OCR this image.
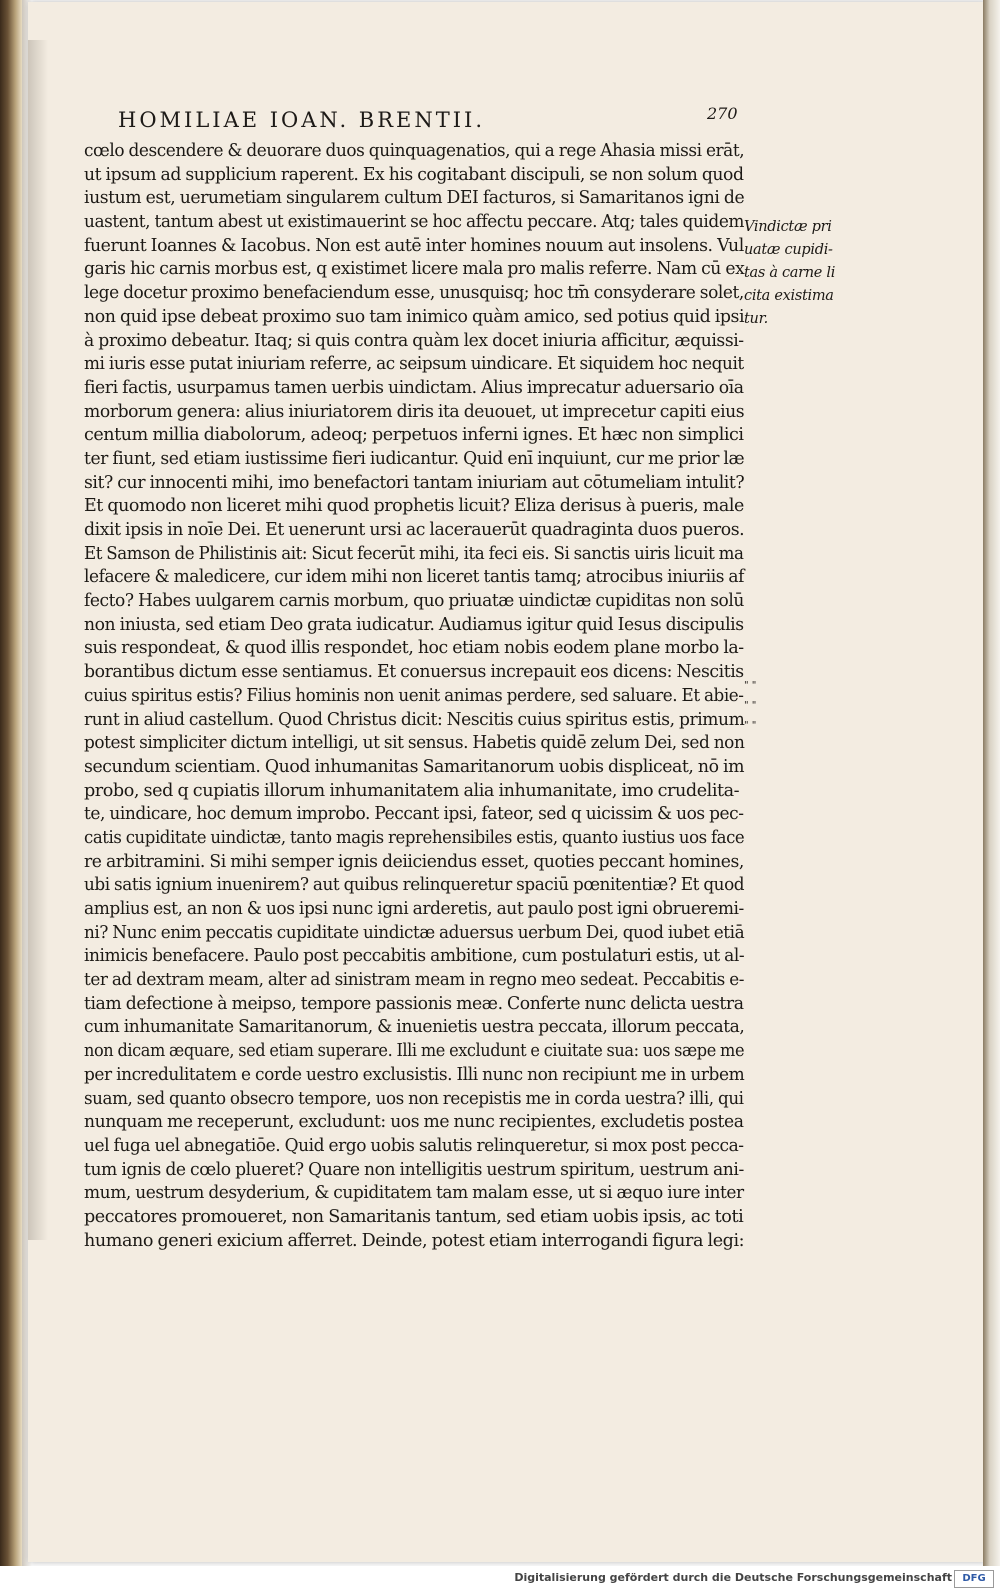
HOMILIAE IOAN. BRENTII.	270
cœlo descendere & deuorare duos quinquagenatios, qui a rege Ahasia missi erāt,
ut ipsum ad supplicium raperent. Ex his cogitabant discipuli, se non solum quod
iustum est, uerumetiam singularem cultum DEI facturos, si Samaritanos igni de
uastent, tantum abest ut existimauerint se hoc affectu peccare. Atq; tales quidem
fuerunt Ioannes & Iacobus. Non est autē inter homines nouum aut insolens. Vul
garis hic carnis morbus est, q existimet licere mala pro malis referre. Nam cū ex
lege docetur proximo benefaciendum esse, unusquisq; hoc tm̄ consyderare solet,
non quid ipse debeat proximo suo tam inimico quàm amico, sed potius quid ipsi
à proximo debeatur. Itaq; si quis contra quàm lex docet iniuria afficitur, æquissi-
mi iuris esse putat iniuriam referre, ac seipsum uindicare. Et siquidem hoc nequit
fieri factis, usurpamus tamen uerbis uindictam. Alius imprecatur aduersario oīa
morborum genera: alius iniuriatorem diris ita deuouet, ut imprecetur capiti eius
centum millia diabolorum, adeoq; perpetuos inferni ignes. Et hæc non simplici
ter fiunt, sed etiam iustissime fieri iudicantur. Quid enī inquiunt, cur me prior læ
sit? cur innocenti mihi, imo benefactori tantam iniuriam aut cōtumeliam intulit?
Et quomodo non liceret mihi quod prophetis licuit? Eliza derisus à pueris, male
dixit ipsis in noīe Dei. Et uenerunt ursi ac lacerauerūt quadraginta duos pueros.
Et Samson de Philistinis ait: Sicut fecerūt mihi, ita feci eis. Si sanctis uiris licuit ma
lefacere & maledicere, cur idem mihi non liceret tantis tamq; atrocibus iniuriis af
fecto? Habes uulgarem carnis morbum, quo priuatæ uindictæ cupiditas non solū
non iniusta, sed etiam Deo grata iudicatur. Audiamus igitur quid Iesus discipulis
suis respondeat, & quod illis respondet, hoc etiam nobis eodem plane morbo la-
borantibus dictum esse sentiamus. Et conuersus increpauit eos dicens: Nescitis
cuius spiritus estis? Filius hominis non uenit animas perdere, sed saluare. Et abie-
runt in aliud castellum. Quod Christus dicit: Nescitis cuius spiritus estis, primum
potest simpliciter dictum intelligi, ut sit sensus. Habetis quidē zelum Dei, sed non
secundum scientiam. Quod inhumanitas Samaritanorum uobis displiceat, nō im
probo, sed q cupiatis illorum inhumanitatem alia inhumanitate, imo crudelita-
te, uindicare, hoc demum improbo. Peccant ipsi, fateor, sed q uicissim & uos pec-
catis cupiditate uindictæ, tanto magis reprehensibiles estis, quanto iustius uos face
re arbitramini. Si mihi semper ignis deiiciendus esset, quoties peccant homines,
ubi satis ignium inuenirem? aut quibus relinqueretur spaciū pœnitentiæ? Et quod
amplius est, an non & uos ipsi nunc igni arderetis, aut paulo post igni obrueremi-
ni? Nunc enim peccatis cupiditate uindictæ aduersus uerbum Dei, quod iubet etiā
inimicis benefacere. Paulo post peccabitis ambitione, cum postulaturi estis, ut al-
ter ad dextram meam, alter ad sinistram meam in regno meo sedeat. Peccabitis e-
tiam defectione à meipso, tempore passionis meæ. Conferte nunc delicta uestra
cum inhumanitate Samaritanorum, & inuenietis uestra peccata, illorum peccata,
non dicam æquare, sed etiam superare. Illi me excludunt e ciuitate sua: uos sæpe me
per incredulitatem e corde uestro exclusistis. Illi nunc non recipiunt me in urbem
suam, sed quanto obsecro tempore, uos non recepistis me in corda uestra? illi, qui
nunquam me receperunt, excludunt: uos me nunc recipientes, excludetis postea
uel fuga uel abnegatiōe. Quid ergo uobis salutis relinqueretur, si mox post pecca-
tum ignis de cœlo plueret? Quare non intelligitis uestrum spiritum, uestrum ani-
mum, uestrum desyderium, & cupiditatem tam malam esse, ut si æquo iure inter
peccatores promoueret, non Samaritanis tantum, sed etiam uobis ipsis, ac toti
humano generi exicium afferret. Deinde, potest etiam interrogandi figura legi:
Vindictæ pri
uatæ cupidi-
tas à carne li
cita existima
tur.
" "
" "
" "
Digitalisierung gefördert durch die Deutsche Forschungsgemeinschaft	DFG
